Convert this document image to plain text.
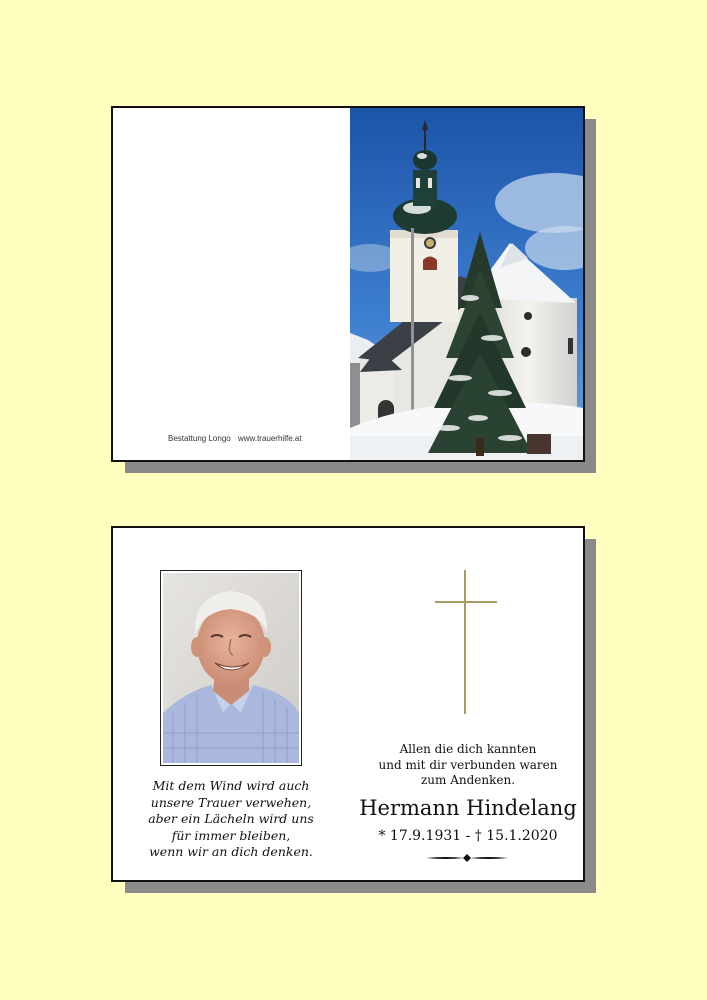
Bestattung Longo www.trauerhilfe.at
Mit dem Wind wird auch
unsere Trauer verwehen,
aber ein Lächeln wird uns
für immer bleiben,
wenn wir an dich denken.
Allen die dich kannten
und mit dir verbunden waren
zum Andenken.
Hermann Hindelang
* 17.9.1931 - † 15.1.2020
